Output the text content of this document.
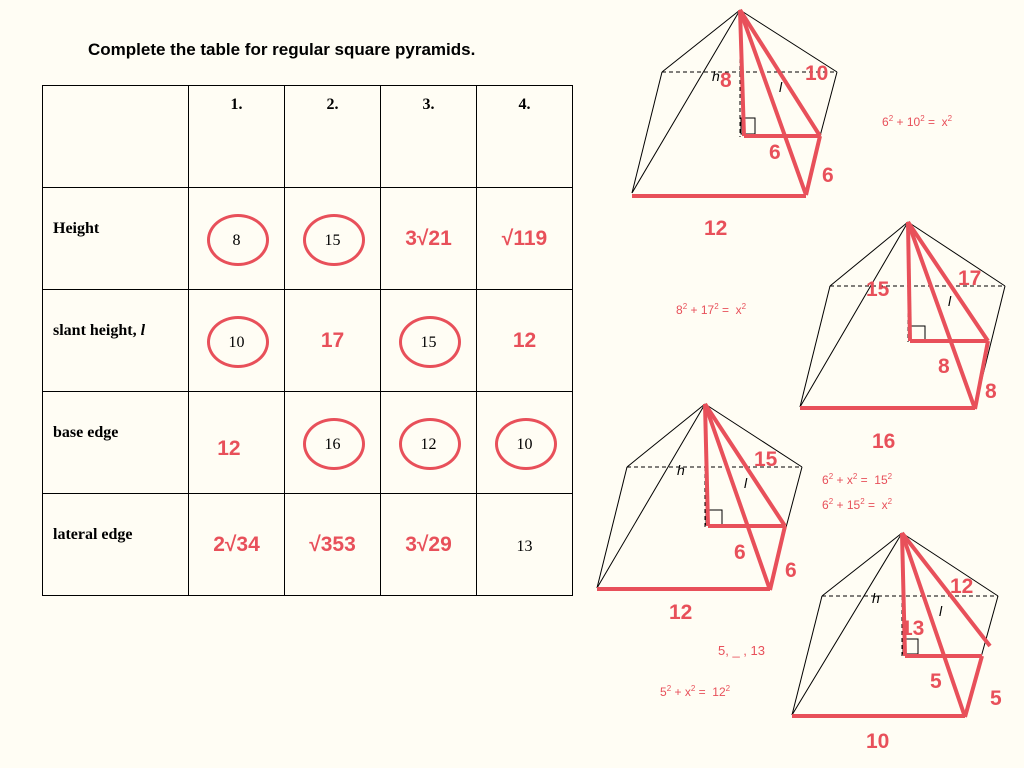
Complete the table for regular square pyramids.

	1.	2.	3.	4.

Height	8	15	3√21	√119

slant height, l	10	17	15	12

base edge	12	16	12	10

lateral edge	2√34	√353	3√29	13
h
l
8	10
6
6
12
l
15	17
8
8
16
h
l
15
6
6
12
h
l
13
12
5
5
10
$6^2 + 10^2 = x^2$
$8^2 + 17^2 = x^2$
$6^2 + x^2 = 15^2$
$6^2 + 15^2 = x^2$
5, _ , 13
$5^2 + x^2 = 12^2$
